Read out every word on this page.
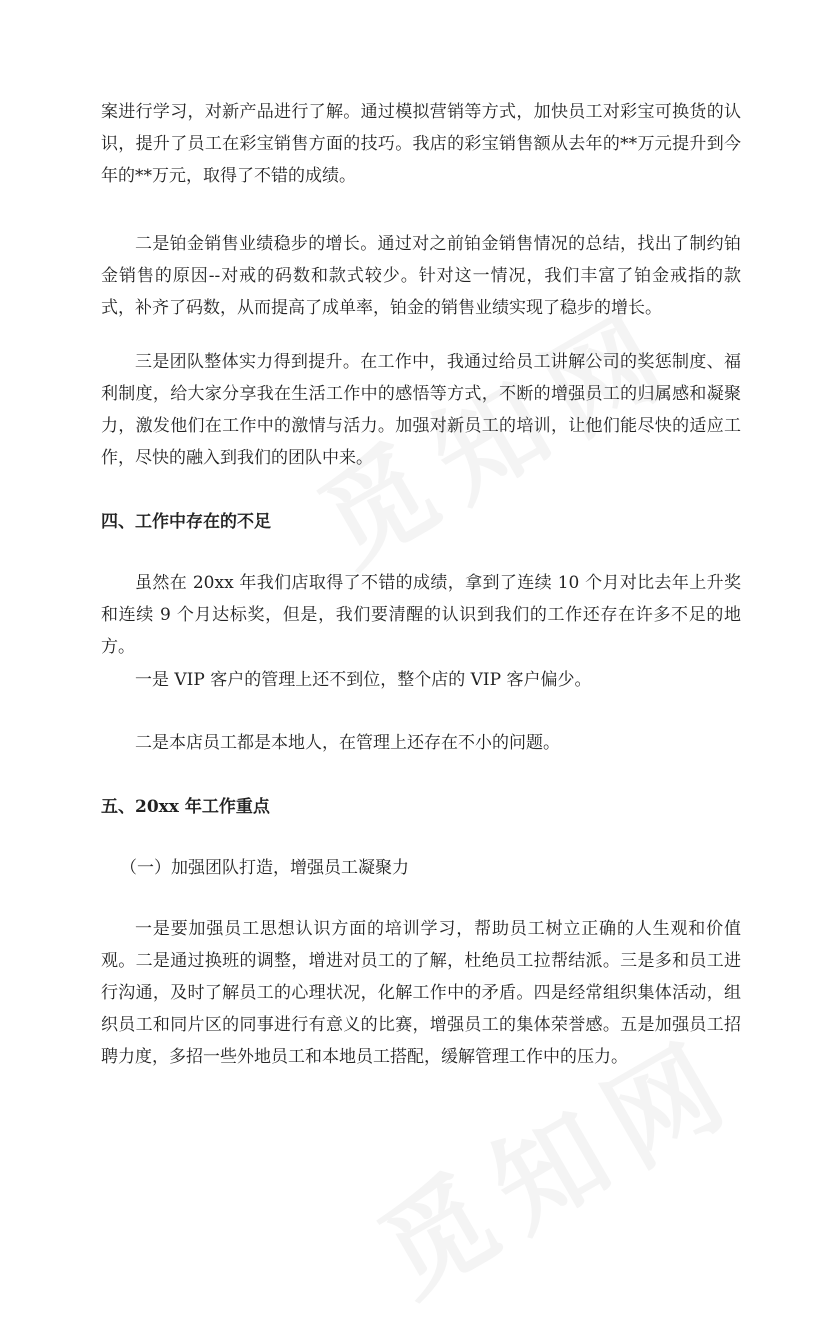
案进行学习，对新产品进行了解。通过模拟营销等方式，加快员工对彩宝可换货的认识，提升了员工在彩宝销售方面的技巧。我店的彩宝销售额从去年的**万元提升到今年的**万元，取得了不错的成绩。

二是铂金销售业绩稳步的增长。通过对之前铂金销售情况的总结，找出了制约铂金销售的原因--对戒的码数和款式较少。针对这一情况，我们丰富了铂金戒指的款式，补齐了码数，从而提高了成单率，铂金的销售业绩实现了稳步的增长。

三是团队整体实力得到提升。在工作中，我通过给员工讲解公司的奖惩制度、福利制度，给大家分享我在生活工作中的感悟等方式，不断的增强员工的归属感和凝聚力，激发他们在工作中的激情与活力。加强对新员工的培训，让他们能尽快的适应工作，尽快的融入到我们的团队中来。

四、工作中存在的不足

虽然在 20xx 年我们店取得了不错的成绩，拿到了连续 10 个月对比去年上升奖和连续 9 个月达标奖，但是，我们要清醒的认识到我们的工作还存在许多不足的地方。

一是 VIP 客户的管理上还不到位，整个店的 VIP 客户偏少。

二是本店员工都是本地人，在管理上还存在不小的问题。

五、20xx 年工作重点

（一）加强团队打造，增强员工凝聚力

一是要加强员工思想认识方面的培训学习，帮助员工树立正确的人生观和价值观。二是通过换班的调整，增进对员工的了解，杜绝员工拉帮结派。三是多和员工进行沟通，及时了解员工的心理状况，化解工作中的矛盾。四是经常组织集体活动，组织员工和同片区的同事进行有意义的比赛，增强员工的集体荣誉感。五是加强员工招聘力度，多招一些外地员工和本地员工搭配，缓解管理工作中的压力。
